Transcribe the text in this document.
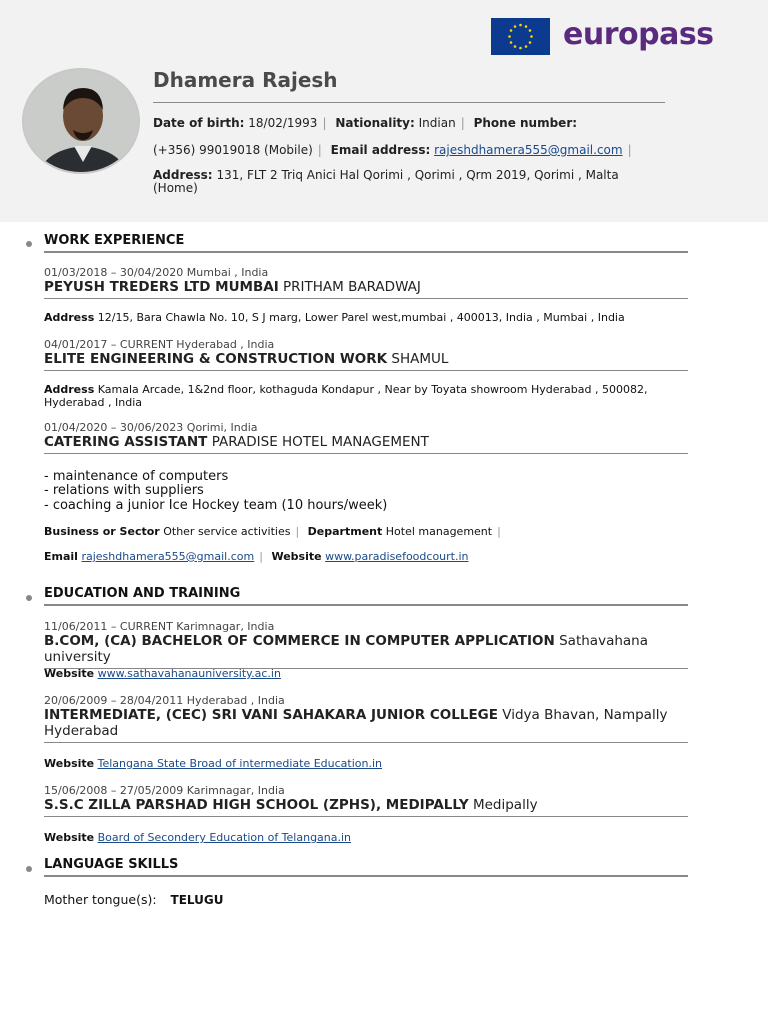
europass
Dhamera Rajesh
Date of birth: 18/02/1993 | Nationality: Indian | Phone number:
(+356) 99019018 (Mobile) | Email address: rajeshdhamera555@gmail.com |
Address: 131, FLT 2 Triq Anici Hal Qorimi , Qorimi , Qrm 2019, Qorimi , Malta
(Home)
WORK EXPERIENCE
01/03/2018 – 30/04/2020 Mumbai , India
PEYUSH TREDERS LTD MUMBAI PRITHAM BARADWAJ
Address 12/15, Bara Chawla No. 10, S J marg, Lower Parel west,mumbai , 400013, India , Mumbai , India
04/01/2017 – CURRENT Hyderabad , India
ELITE ENGINEERING & CONSTRUCTION WORK SHAMUL
Address Kamala Arcade, 1&2nd floor, kothaguda Kondapur , Near by Toyata showroom Hyderabad , 500082,
Hyderabad , India
01/04/2020 – 30/06/2023 Qorimi, India
CATERING ASSISTANT PARADISE HOTEL MANAGEMENT
- maintenance of computers
- relations with suppliers
- coaching a junior Ice Hockey team (10 hours/week)
Business or Sector Other service activities | Department Hotel management |
Email rajeshdhamera555@gmail.com | Website www.paradisefoodcourt.in
EDUCATION AND TRAINING
11/06/2011 – CURRENT Karimnagar, India
B.COM, (CA) BACHELOR OF COMMERCE IN COMPUTER APPLICATION Sathavahana university
Website www.sathavahanauniversity.ac.in
20/06/2009 – 28/04/2011 Hyderabad , India
INTERMEDIATE, (CEC) SRI VANI SAHAKARA JUNIOR COLLEGE Vidya Bhavan, Nampally
Hyderabad
Website Telangana State Broad of intermediate Education.in
15/06/2008 – 27/05/2009 Karimnagar, India
S.S.C ZILLA PARSHAD HIGH SCHOOL (ZPHS), MEDIPALLY Medipally
Website Board of Secondery Education of Telangana.in
LANGUAGE SKILLS
Mother tongue(s): TELUGU
